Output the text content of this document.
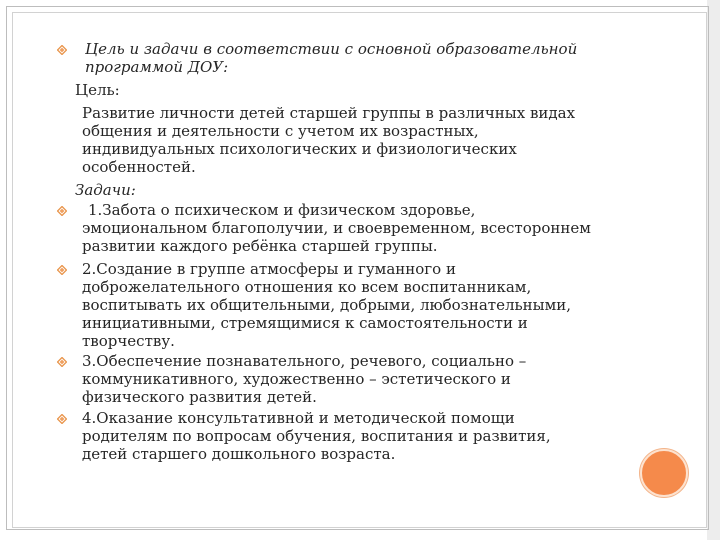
Цель и задачи в соответствии с основной образовательной
программой ДОУ:
Цель:
Развитие личности детей старшей группы в различных видах
общения и деятельности с учетом их возрастных,
индивидуальных психологических и физиологических
особенностей.
Задачи:
1.Забота о психическом и физическом здоровье,
эмоциональном благополучии, и своевременном, всестороннем
развитии каждого ребёнка старшей группы.
2.Создание в группе атмосферы и гуманного и
доброжелательного отношения ко всем воспитанникам,
воспитывать их общительными, добрыми, любознательными,
инициативными, стремящимися к самостоятельности и
творчеству.
3.Обеспечение познавательного, речевого, социально –
коммуникативного, художественно – эстетического и
физического развития детей.
4.Оказание консультативной и методической помощи
родителям по вопросам обучения, воспитания и развития,
детей старшего дошкольного возраста.
